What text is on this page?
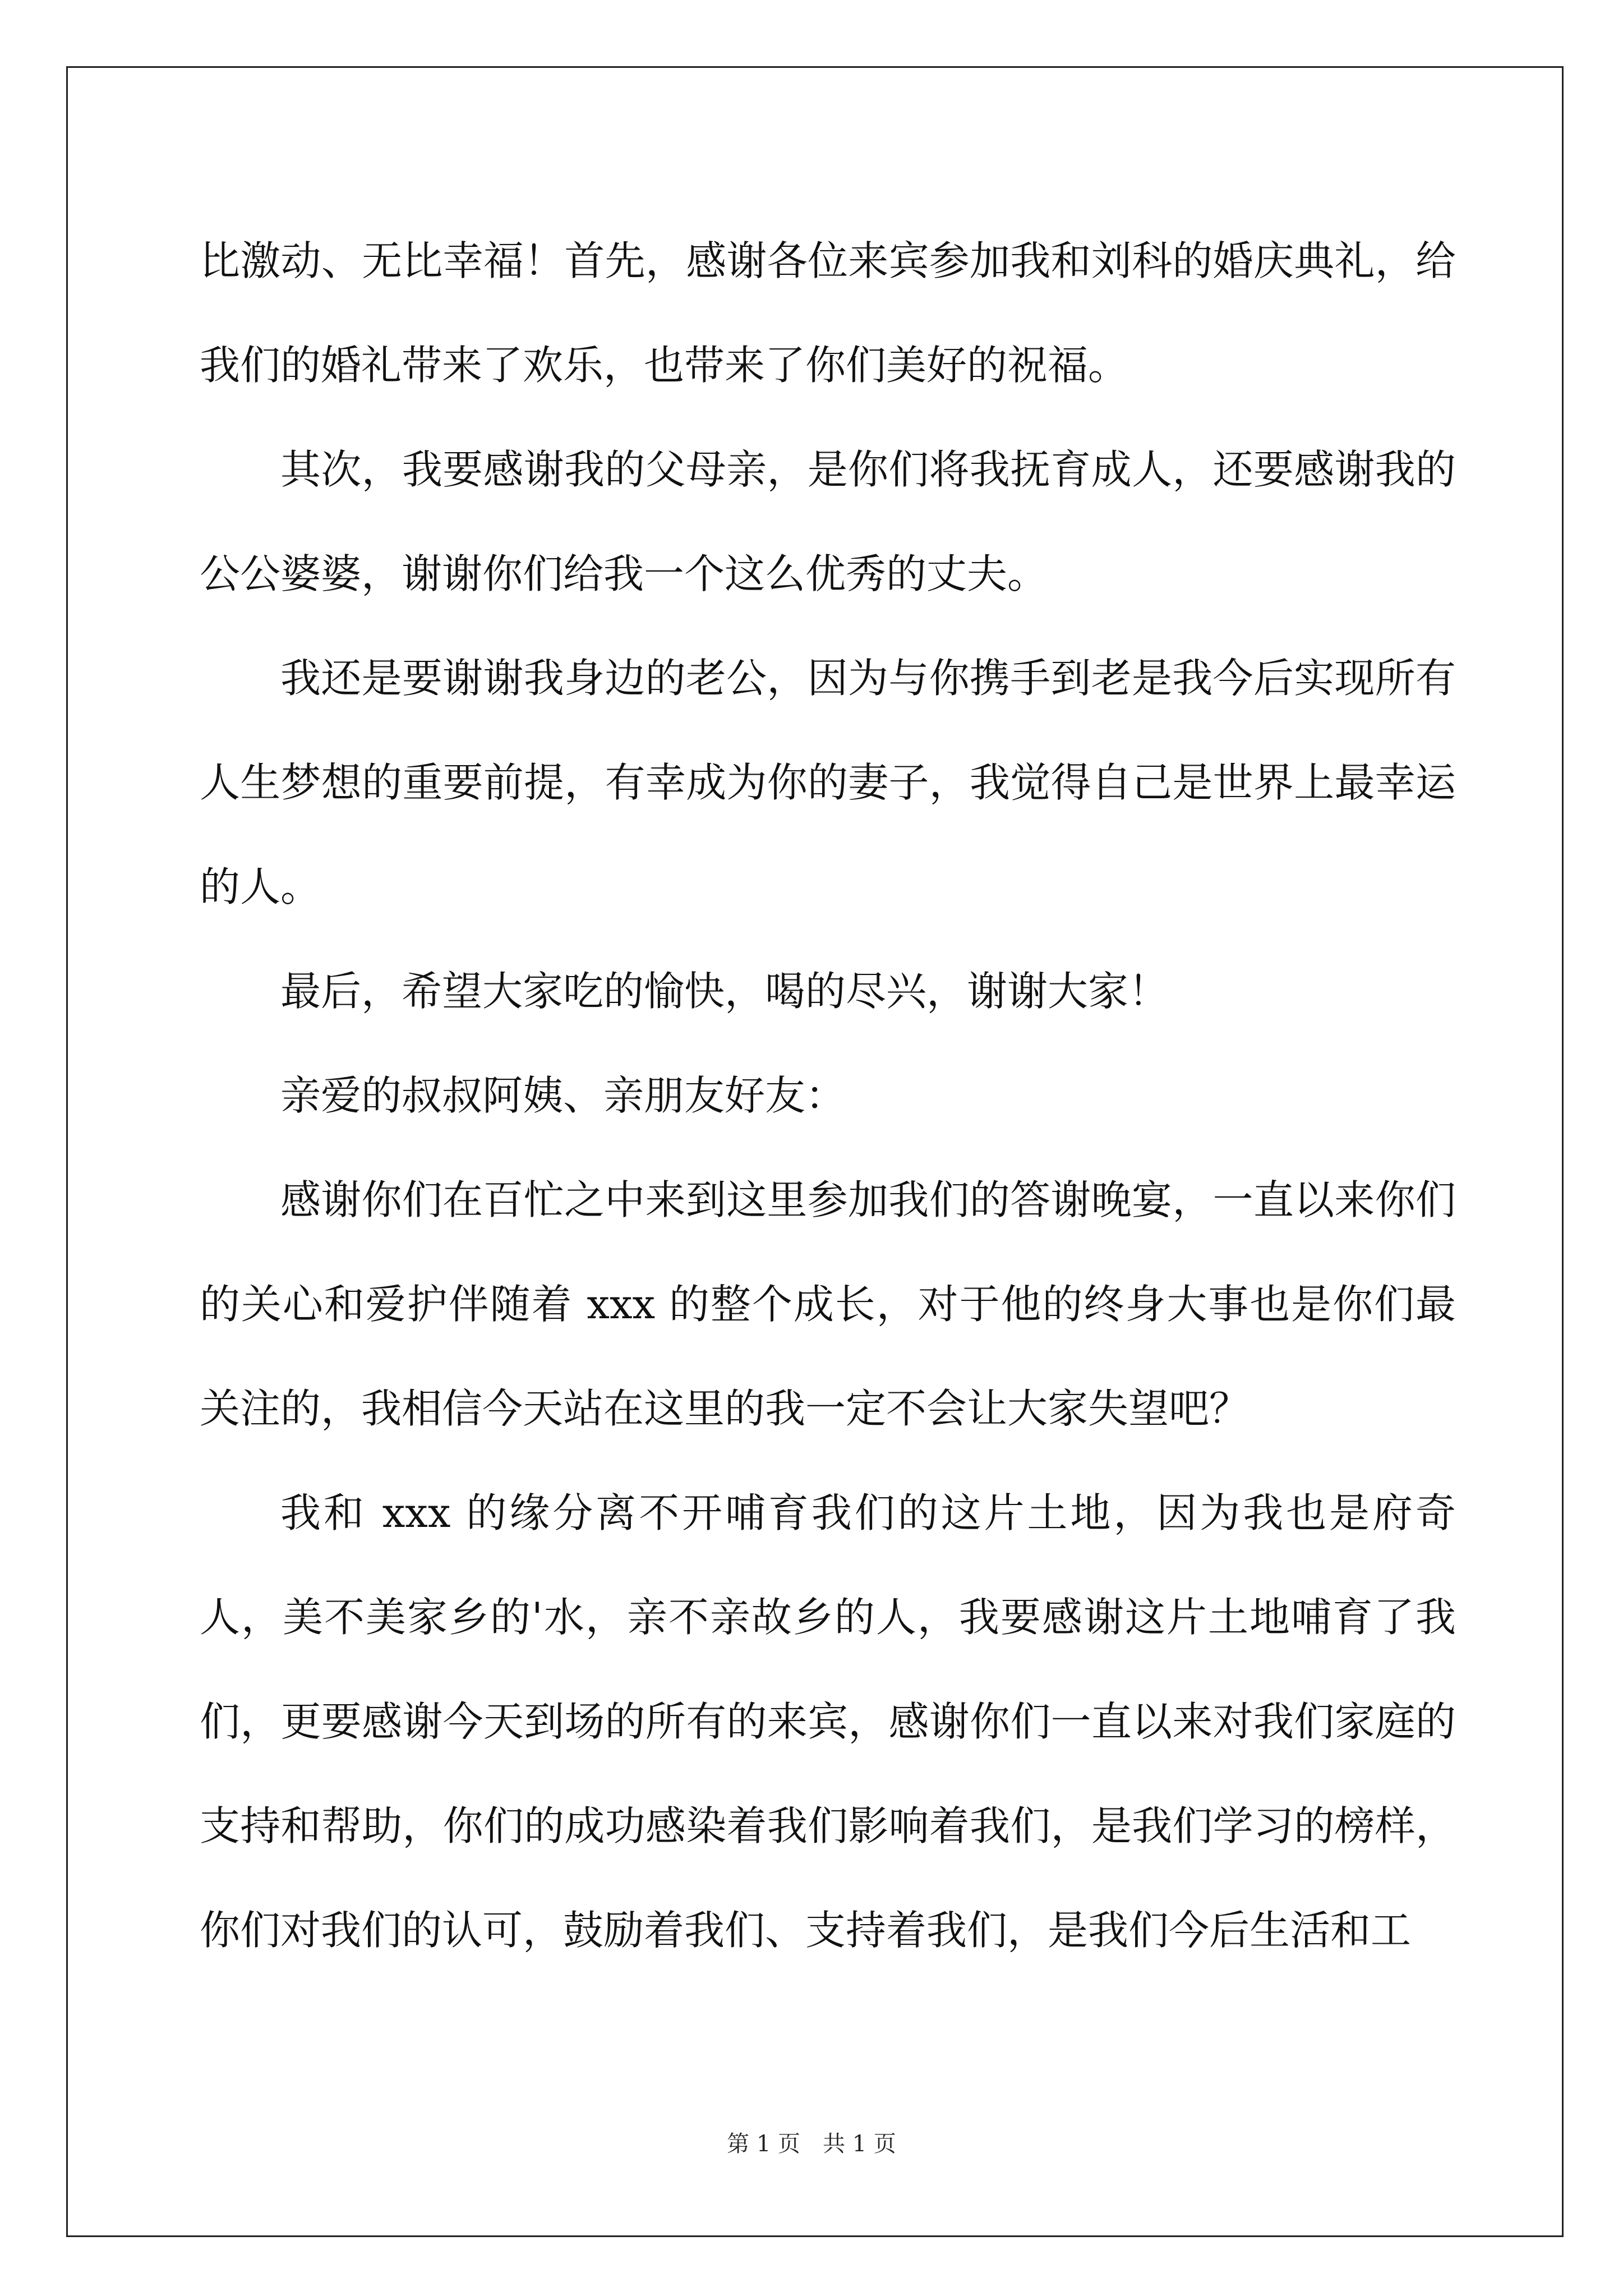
比激动、无比幸福！首先，感谢各位来宾参加我和刘科的婚庆典礼，给我们的婚礼带来了欢乐，也带来了你们美好的祝福。

其次，我要感谢我的父母亲，是你们将我抚育成人，还要感谢我的公公婆婆，谢谢你们给我一个这么优秀的丈夫。

我还是要谢谢我身边的老公，因为与你携手到老是我今后实现所有人生梦想的重要前提，有幸成为你的妻子，我觉得自己是世界上最幸运的人。

最后，希望大家吃的愉快，喝的尽兴，谢谢大家！

亲爱的叔叔阿姨、亲朋友好友：

感谢你们在百忙之中来到这里参加我们的答谢晚宴，一直以来你们的关心和爱护伴随着 xxx 的整个成长，对于他的终身大事也是你们最关注的，我相信今天站在这里的我一定不会让大家失望吧？

我和 xxx 的缘分离不开哺育我们的这片土地，因为我也是府奇人，美不美家乡的'水，亲不亲故乡的人，我要感谢这片土地哺育了我们，更要感谢今天到场的所有的来宾，感谢你们一直以来对我们家庭的支持和帮助，你们的成功感染着我们影响着我们，是我们学习的榜样，你们对我们的认可，鼓励着我们、支持着我们，是我们今后生活和工

第 1 页 共 1 页
